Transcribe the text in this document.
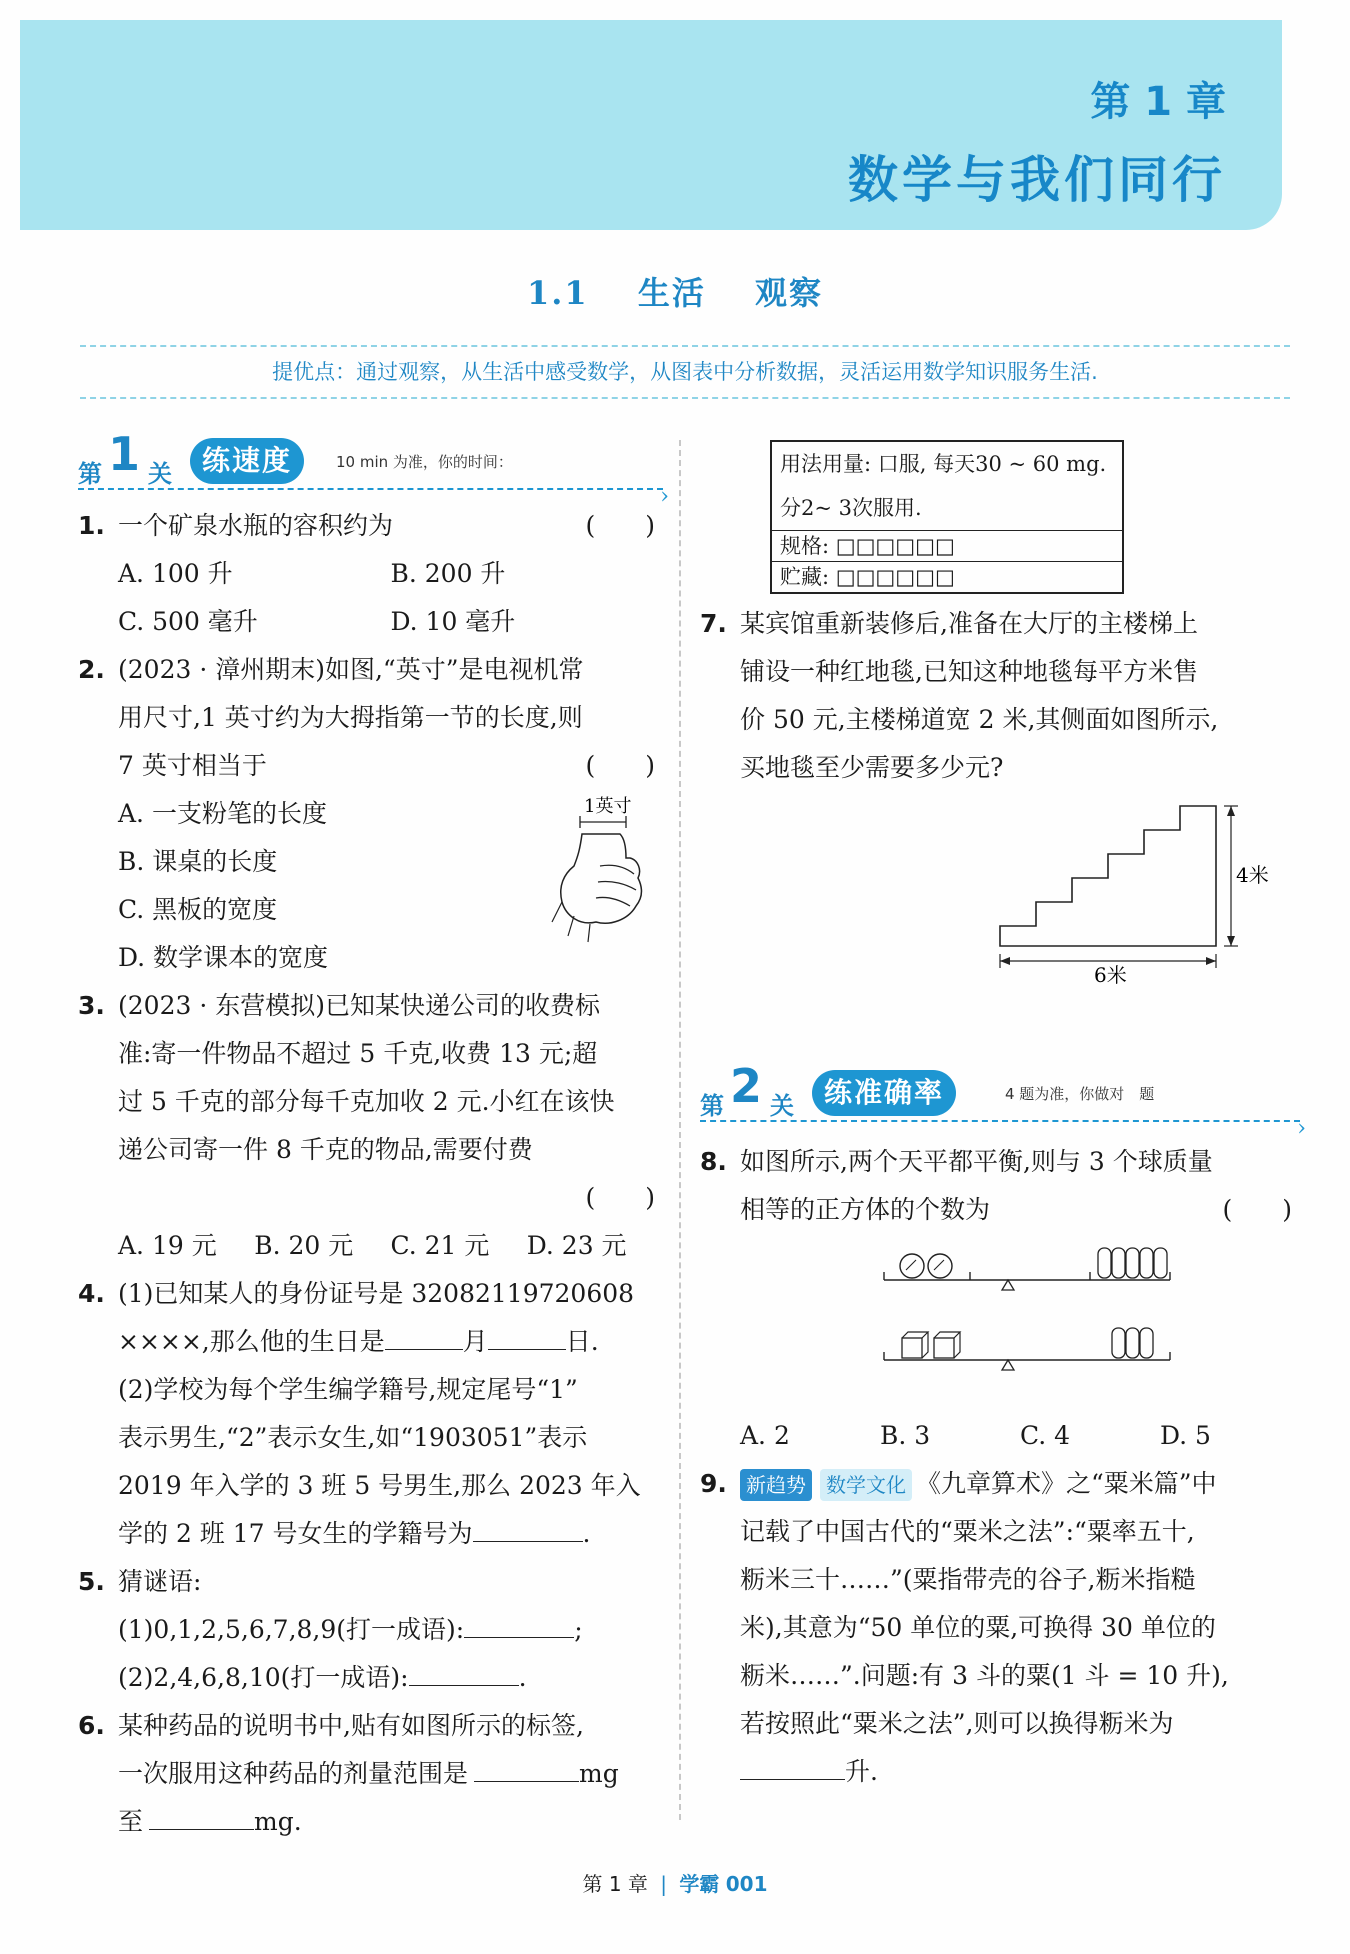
第 1 章
数学与我们同行
1.1 生活 观察
提优点：通过观察，从生活中感受数学，从图表中分析数据，灵活运用数学知识服务生活.
第 1 关	练速度	10 min 为准，你的时间：
›
1. 一个矿泉水瓶的容积约为	(　　)
A. 100 升	B. 200 升
C. 500 毫升	D. 10 毫升
2. (2023 · 漳州期末)如图,“英寸”是电视机常
用尺寸,1 英寸约为大拇指第一节的长度,则
7 英寸相当于	(　　)
A. 一支粉笔的长度
B. 课桌的长度
C. 黑板的宽度
D. 数学课本的宽度
1英寸
3. (2023 · 东营模拟)已知某快递公司的收费标
准:寄一件物品不超过 5 千克,收费 13 元;超
过 5 千克的部分每千克加收 2 元.小红在该快
递公司寄一件 8 千克的物品,需要付费
(　　)
A. 19 元	B. 20 元	C. 21 元	D. 23 元
4. (1)已知某人的身份证号是 32082119720608
××××,那么他的生日是	月	日.
(2)学校为每个学生编学籍号,规定尾号“1”
表示男生,“2”表示女生,如“1903051”表示
2019 年入学的 3 班 5 号男生,那么 2023 年入
学的 2 班 17 号女生的学籍号为	.
5. 猜谜语:
(1)0,1,2,5,6,7,8,9(打一成语):	;
(2)2,4,6,8,10(打一成语):	.
6. 某种药品的说明书中,贴有如图所示的标签,
一次服用这种药品的剂量范围是	mg
至	mg.
用法用量: 口服, 每天30 ~ 60 mg.
分2~ 3次服用.
规格: □□□□□□
贮藏: □□□□□□
7. 某宾馆重新装修后,准备在大厅的主楼梯上
铺设一种红地毯,已知这种地毯每平方米售
价 50 元,主楼梯道宽 2 米,其侧面如图所示,
买地毯至少需要多少元?
6米
4米
第 2 关	练准确率	4 题为准，你做对　题
›
8. 如图所示,两个天平都平衡,则与 3 个球质量
相等的正方体的个数为	(　　)
A. 2	B. 3	C. 4	D. 5
9. 新趋势 数学文化 《九章算术》之“粟米篇”中
记载了中国古代的“粟米之法”:“粟率五十,
粝米三十……”(粟指带壳的谷子,粝米指糙
米),其意为“50 单位的粟,可换得 30 单位的
粝米……”.问题:有 3 斗的粟(1 斗 = 10 升),
若按照此“粟米之法”,则可以换得粝米为
升.
第 1 章 | 学霸 001
